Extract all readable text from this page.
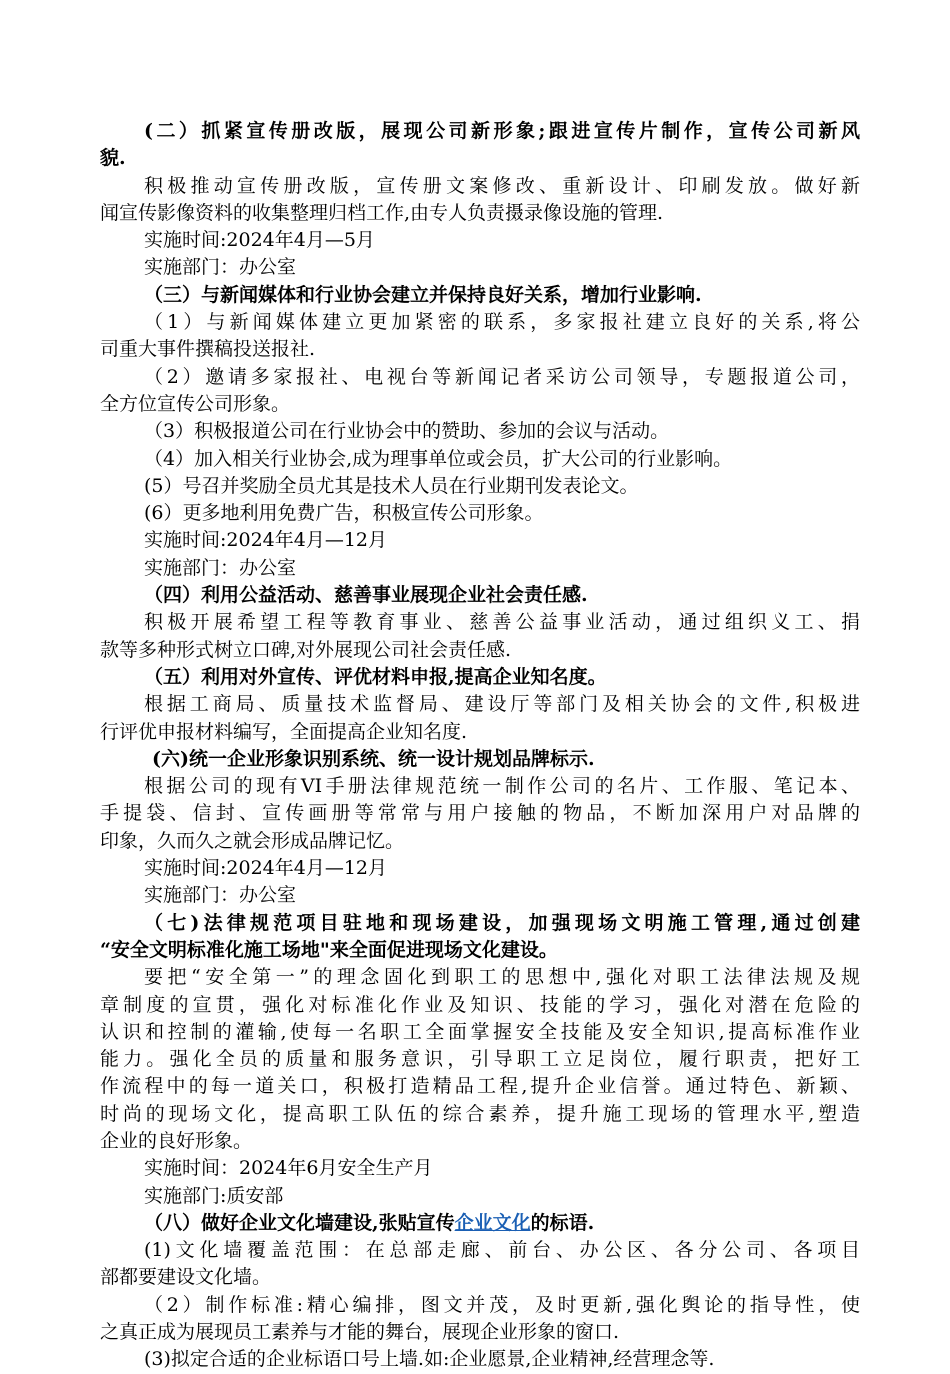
(二）抓紧宣传册改版，展现公司新形象;跟进宣传片制作，宣传公司新风
貌.
积极推动宣传册改版，宣传册文案修改、重新设计、印刷发放。做好新
闻宣传影像资料的收集整理归档工作,由专人负责摄录像设施的管理.
实施时间:2024年4月—5月
实施部门：办公室
（三）与新闻媒体和行业协会建立并保持良好关系，增加行业影响.
（1）与新闻媒体建立更加紧密的联系，多家报社建立良好的关系,将公
司重大事件撰稿投送报社.
（2）邀请多家报社、电视台等新闻记者采访公司领导，专题报道公司，
全方位宣传公司形象。
（3）积极报道公司在行业协会中的赞助、参加的会议与活动。
（4）加入相关行业协会,成为理事单位或会员，扩大公司的行业影响。
(5）号召并奖励全员尤其是技术人员在行业期刊发表论文。
(6）更多地利用免费广告，积极宣传公司形象。
实施时间:2024年4月—12月
实施部门：办公室
（四）利用公益活动、慈善事业展现企业社会责任感.
积极开展希望工程等教育事业、慈善公益事业活动，通过组织义工、捐
款等多种形式树立口碑,对外展现公司社会责任感.
（五）利用对外宣传、评优材料申报,提高企业知名度。
根据工商局、质量技术监督局、建设厅等部门及相关协会的文件,积极进
行评优申报材料编写，全面提高企业知名度.
(六)统一企业形象识别系统、统一设计规划品牌标示.
根据公司的现有VI手册法律规范统一制作公司的名片、工作服、笔记本、
手提袋、信封、宣传画册等常常与用户接触的物品，不断加深用户对品牌的
印象，久而久之就会形成品牌记忆。
实施时间:2024年4月—12月
实施部门：办公室
（七)法律规范项目驻地和现场建设，加强现场文明施工管理,通过创建
“安全文明标准化施工场地"来全面促进现场文化建设。
要把“安全第一”的理念固化到职工的思想中,强化对职工法律法规及规
章制度的宣贯，强化对标准化作业及知识、技能的学习，强化对潜在危险的
认识和控制的灌输,使每一名职工全面掌握安全技能及安全知识,提高标准作业
能力。强化全员的质量和服务意识，引导职工立足岗位，履行职责，把好工
作流程中的每一道关口，积极打造精品工程,提升企业信誉。通过特色、新颖、
时尚的现场文化，提高职工队伍的综合素养，提升施工现场的管理水平,塑造
企业的良好形象。
实施时间：2024年6月安全生产月
实施部门:质安部
（八）做好企业文化墙建设,张贴宣传企业文化的标语.
(1)文化墙覆盖范围：在总部走廊、前台、办公区、各分公司、各项目
部都要建设文化墙。
（2）制作标准:精心编排，图文并茂，及时更新,强化舆论的指导性，使
之真正成为展现员工素养与才能的舞台，展现企业形象的窗口.
(3)拟定合适的企业标语口号上墙.如:企业愿景,企业精神,经营理念等.
